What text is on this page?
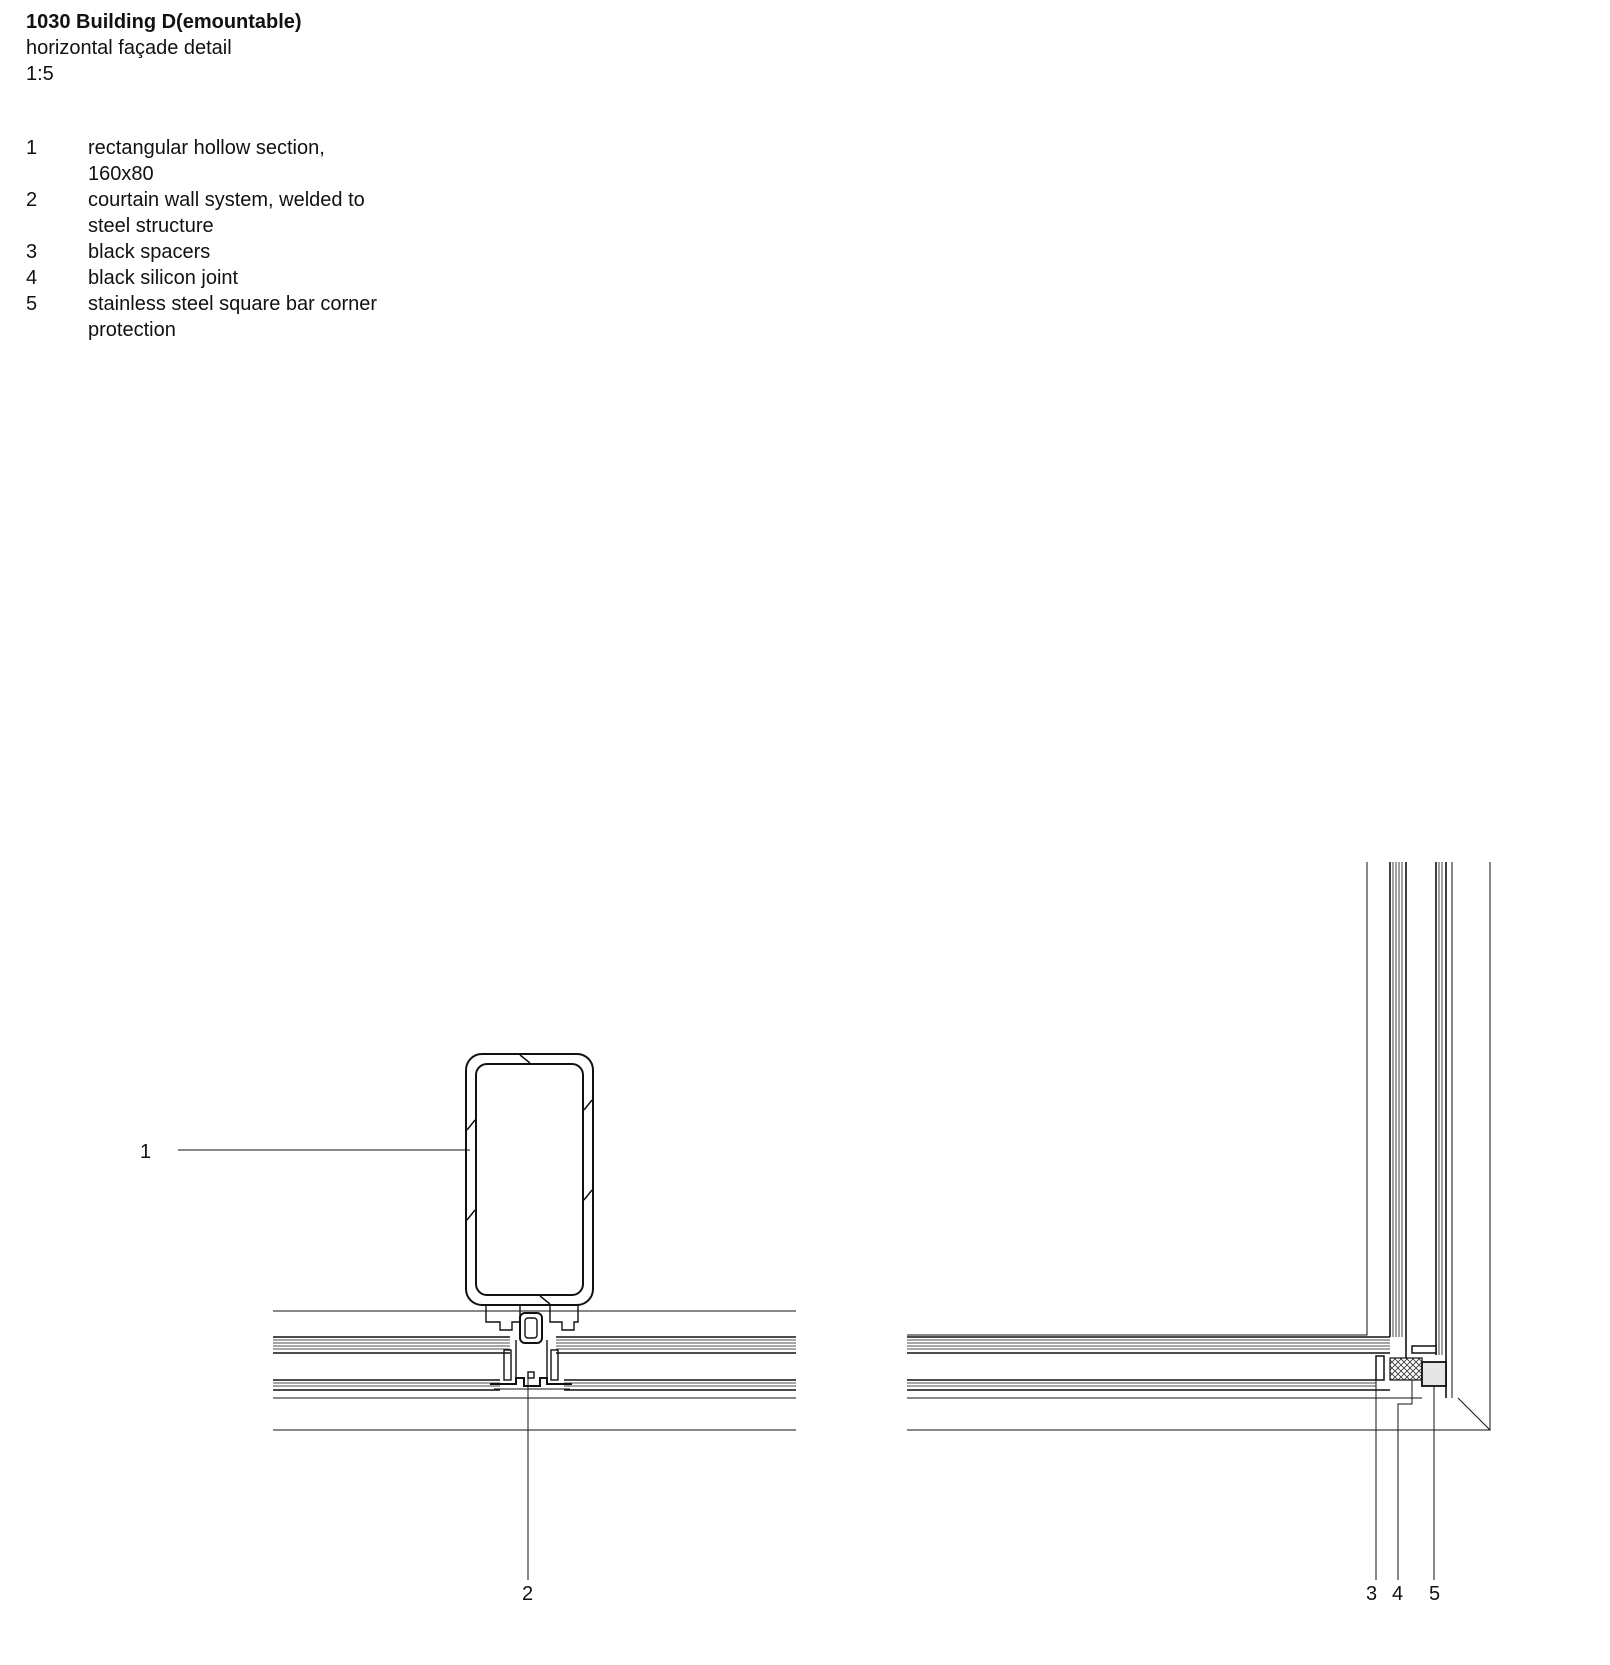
1030 Building D(emountable)
horizontal façade detail
1:5
1	rectangular hollow section, 160x80
2	courtain wall system, welded to steel structure
3	black spacers
4	black silicon joint
5	stainless steel square bar corner protection
1
2	3 4 5
